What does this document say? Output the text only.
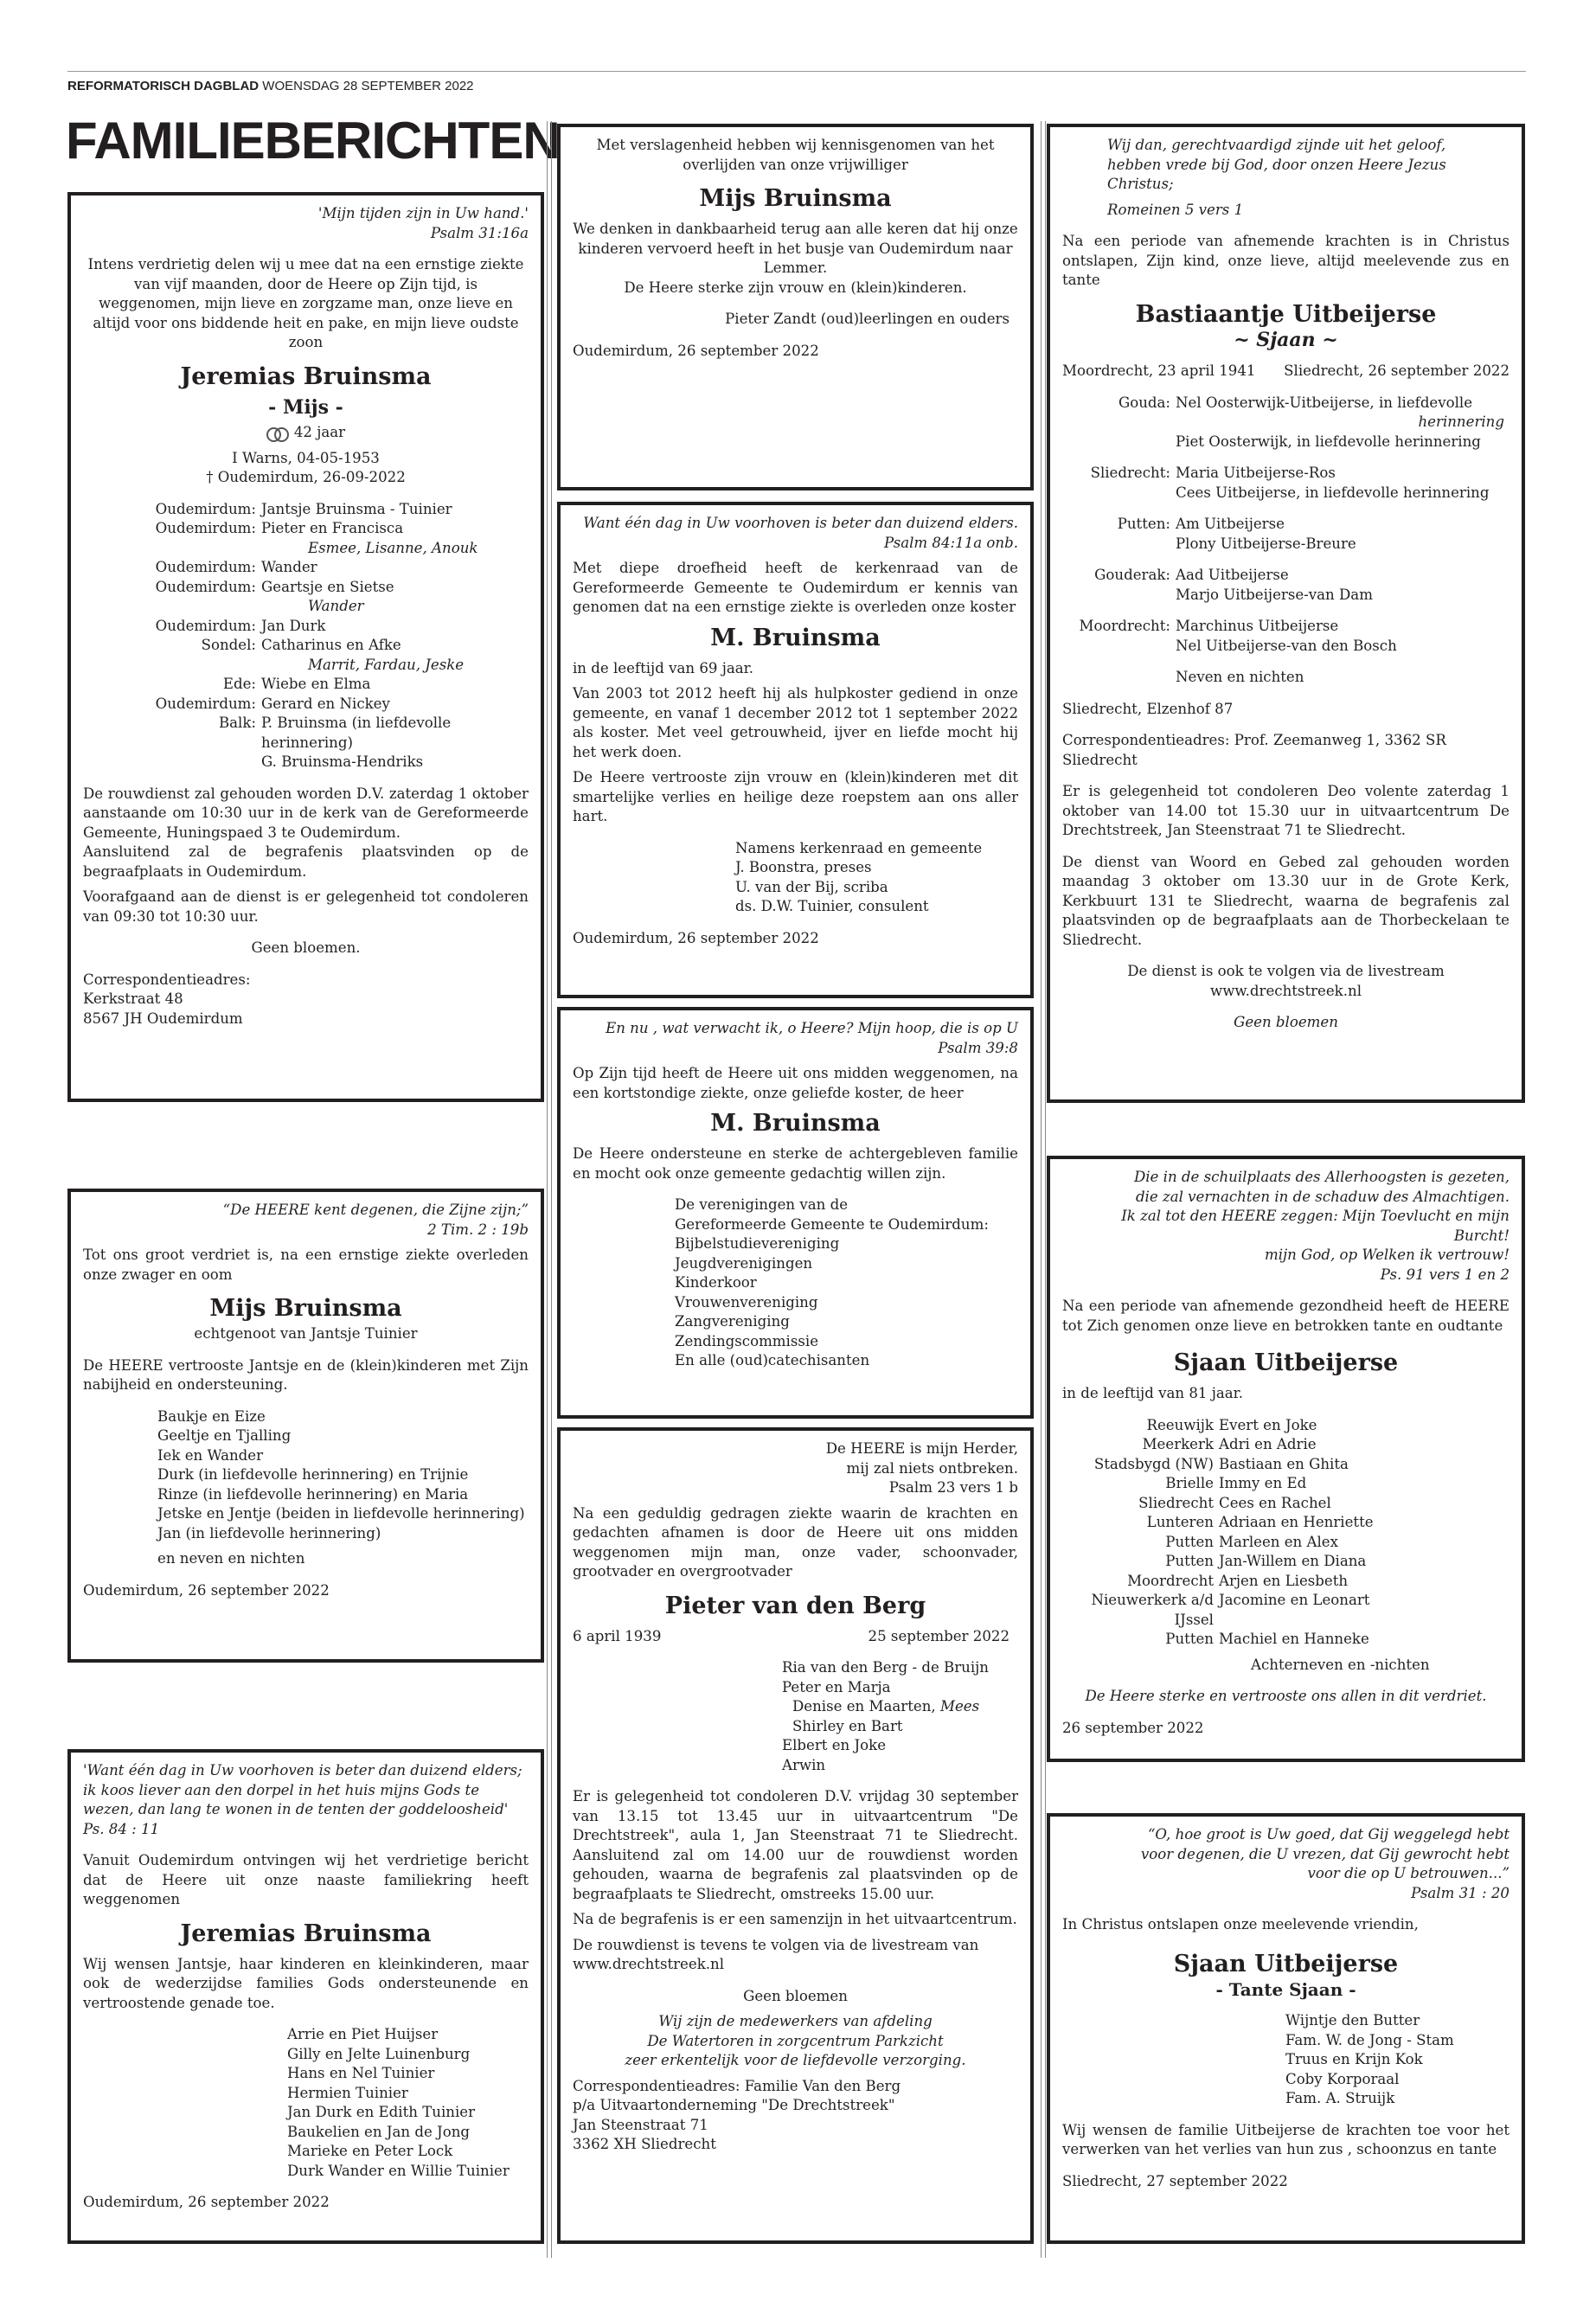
REFORMATORISCH DAGBLAD WOENSDAG 28 SEPTEMBER 2022
FAMILIEBERICHTEN
'Mijn tijden zijn in Uw hand.'
Psalm 31:16a
Intens verdrietig delen wij u mee dat na een ernstige ziekte van vijf maanden, door de Heere op Zijn tijd, is weggenomen, mijn lieve en zorgzame man, onze lieve en altijd voor ons biddende heit en pake, en mijn lieve oudste zoon
Jeremias Bruinsma
- Mijs -
42 jaar
I Warns, 04-05-1953
† Oudemirdum, 26-09-2022
Oudemirdum: Jantsje Bruinsma - Tuinier
Oudemirdum: Pieter en Francisca
Esmee, Lisanne, Anouk
Oudemirdum: Wander
Oudemirdum: Geartsje en Sietse
Wander
Oudemirdum: Jan Durk
Sondel: Catharinus en Afke
Marrit, Fardau, Jeske
Ede: Wiebe en Elma
Oudemirdum: Gerard en Nickey
Balk: P. Bruinsma (in liefdevolle herinnering)
G. Bruinsma-Hendriks
De rouwdienst zal gehouden worden D.V. zaterdag 1 oktober aanstaande om 10:30 uur in de kerk van de Gereformeerde Gemeente, Huningspaed 3 te Oudemirdum.
Aansluitend zal de begrafenis plaatsvinden op de begraafplaats in Oudemirdum.
Voorafgaand aan de dienst is er gelegenheid tot condoleren van 09:30 tot 10:30 uur.
Geen bloemen.
Correspondentieadres:
Kerkstraat 48
8567 JH Oudemirdum
“De HEERE kent degenen, die Zijne zijn;”
2 Tim. 2 : 19b
Tot ons groot verdriet is, na een ernstige ziekte overleden onze zwager en oom
Mijs Bruinsma
echtgenoot van Jantsje Tuinier
De HEERE vertrooste Jantsje en de (klein)kinderen met Zijn nabijheid en ondersteuning.
Baukje en Eize
Geeltje en Tjalling
Iek en Wander
Durk (in liefdevolle herinnering) en Trijnie
Rinze (in liefdevolle herinnering) en Maria
Jetske en Jentje (beiden in liefdevolle herinnering)
Jan (in liefdevolle herinnering)
en neven en nichten
Oudemirdum, 26 september 2022
'Want één dag in Uw voorhoven is beter dan duizend elders; ik koos liever aan den dorpel in het huis mijns Gods te wezen, dan lang te wonen in de tenten der goddeloosheid'
Ps. 84 : 11
Vanuit Oudemirdum ontvingen wij het verdrietige bericht dat de Heere uit onze naaste familiekring heeft weggenomen
Jeremias Bruinsma
Wij wensen Jantsje, haar kinderen en kleinkinderen, maar ook de wederzijdse families Gods ondersteunende en vertroostende genade toe.
Arrie en Piet Huijser
Gilly en Jelte Luinenburg
Hans en Nel Tuinier
Hermien Tuinier
Jan Durk en Edith Tuinier
Baukelien en Jan de Jong
Marieke en Peter Lock
Durk Wander en Willie Tuinier
Oudemirdum, 26 september 2022
Met verslagenheid hebben wij kennisgenomen van het overlijden van onze vrijwilliger
Mijs Bruinsma
We denken in dankbaarheid terug aan alle keren dat hij onze kinderen vervoerd heeft in het busje van Oudemirdum naar Lemmer.
De Heere sterke zijn vrouw en (klein)kinderen.
Pieter Zandt (oud)leerlingen en ouders
Oudemirdum, 26 september 2022
Want één dag in Uw voorhoven is beter dan duizend elders.
Psalm 84:11a onb.
Met diepe droefheid heeft de kerkenraad van de Gereformeerde Gemeente te Oudemirdum er kennis van genomen dat na een ernstige ziekte is overleden onze koster
M. Bruinsma
in de leeftijd van 69 jaar.
Van 2003 tot 2012 heeft hij als hulpkoster gediend in onze gemeente, en vanaf 1 december 2012 tot 1 september 2022 als koster. Met veel getrouwheid, ijver en liefde mocht hij het werk doen.
De Heere vertrooste zijn vrouw en (klein)kinderen met dit smartelijke verlies en heilige deze roepstem aan ons aller hart.
Namens kerkenraad en gemeente
J. Boonstra, preses
U. van der Bij, scriba
ds. D.W. Tuinier, consulent
Oudemirdum, 26 september 2022
En nu , wat verwacht ik, o Heere? Mijn hoop, die is op U
Psalm 39:8
Op Zijn tijd heeft de Heere uit ons midden weggenomen, na een kortstondige ziekte, onze geliefde koster, de heer
M. Bruinsma
De Heere ondersteune en sterke de achtergebleven familie en mocht ook onze gemeente gedachtig willen zijn.
De verenigingen van de
Gereformeerde Gemeente te Oudemirdum:
Bijbelstudievereniging
Jeugdverenigingen
Kinderkoor
Vrouwenvereniging
Zangvereniging
Zendingscommissie
En alle (oud)catechisanten
De HEERE is mijn Herder,
mij zal niets ontbreken.
Psalm 23 vers 1 b
Na een geduldig gedragen ziekte waarin de krachten en gedachten afnamen is door de Heere uit ons midden weggenomen mijn man, onze vader, schoonvader, grootvader en overgrootvader
Pieter van den Berg
6 april 1939	25 september 2022
Ria van den Berg - de Bruijn
Peter en Marja
Denise en Maarten, Mees
Shirley en Bart
Elbert en Joke
Arwin
Er is gelegenheid tot condoleren D.V. vrijdag 30 september van 13.15 tot 13.45 uur in uitvaartcentrum "De Drechtstreek", aula 1, Jan Steenstraat 71 te Sliedrecht. Aansluitend zal om 14.00 uur de rouwdienst worden gehouden, waarna de begrafenis zal plaatsvinden op de begraafplaats te Sliedrecht, omstreeks 15.00 uur.
Na de begrafenis is er een samenzijn in het uitvaartcentrum.
De rouwdienst is tevens te volgen via de livestream van www.drechtstreek.nl
Geen bloemen
Wij zijn de medewerkers van afdeling
De Watertoren in zorgcentrum Parkzicht
zeer erkentelijk voor de liefdevolle verzorging.
Correspondentieadres: Familie Van den Berg
p/a Uitvaartonderneming "De Drechtstreek"
Jan Steenstraat 71
3362 XH Sliedrecht
Wij dan, gerechtvaardigd zijnde uit het geloof,
hebben vrede bij God, door onzen Heere Jezus Christus;
Romeinen 5 vers 1
Na een periode van afnemende krachten is in Christus ontslapen, Zijn kind, onze lieve, altijd meelevende zus en tante
Bastiaantje Uitbeijerse
~ Sjaan ~
Moordrecht, 23 april 1941 Sliedrecht, 26 september 2022
Gouda: Nel Oosterwijk-Uitbeijerse, in liefdevolle
herinnering
Piet Oosterwijk, in liefdevolle herinnering
Sliedrecht: Maria Uitbeijerse-Ros
Cees Uitbeijerse, in liefdevolle herinnering
Putten: Am Uitbeijerse
Plony Uitbeijerse-Breure
Gouderak: Aad Uitbeijerse
Marjo Uitbeijerse-van Dam
Moordrecht: Marchinus Uitbeijerse
Nel Uitbeijerse-van den Bosch
Neven en nichten
Sliedrecht, Elzenhof 87
Correspondentieadres: Prof. Zeemanweg 1, 3362 SR Sliedrecht
Er is gelegenheid tot condoleren Deo volente zaterdag 1 oktober van 14.00 tot 15.30 uur in uitvaartcentrum De Drechtstreek, Jan Steenstraat 71 te Sliedrecht.
De dienst van Woord en Gebed zal gehouden worden maandag 3 oktober om 13.30 uur in de Grote Kerk, Kerkbuurt 131 te Sliedrecht, waarna de begrafenis zal plaatsvinden op de begraafplaats aan de Thorbeckelaan te Sliedrecht.
De dienst is ook te volgen via de livestream
www.drechtstreek.nl
Geen bloemen
Die in de schuilplaats des Allerhoogsten is gezeten,
die zal vernachten in de schaduw des Almachtigen.
Ik zal tot den HEERE zeggen: Mijn Toevlucht en mijn Burcht!
mijn God, op Welken ik vertrouw!
Ps. 91 vers 1 en 2
Na een periode van afnemende gezondheid heeft de HEERE tot Zich genomen onze lieve en betrokken tante en oudtante
Sjaan Uitbeijerse
in de leeftijd van 81 jaar.
Reeuwijk Evert en Joke
Meerkerk Adri en Adrie
Stadsbygd (NW) Bastiaan en Ghita
Brielle Immy en Ed
Sliedrecht Cees en Rachel
Lunteren Adriaan en Henriette
Putten Marleen en Alex
Putten Jan-Willem en Diana
Moordrecht Arjen en Liesbeth
Nieuwerkerk a/d IJssel
Jacomine en Leonart
Putten Machiel en Hanneke
Achterneven en -nichten
De Heere sterke en vertrooste ons allen in dit verdriet.
26 september 2022
“O, hoe groot is Uw goed, dat Gij weggelegd hebt voor degenen, die U vrezen, dat Gij gewrocht hebt voor die op U betrouwen...”
Psalm 31 : 20
In Christus ontslapen onze meelevende vriendin,
Sjaan Uitbeijerse
- Tante Sjaan -
Wijntje den Butter
Fam. W. de Jong - Stam
Truus en Krijn Kok
Coby Korporaal
Fam. A. Struijk
Wij wensen de familie Uitbeijerse de krachten toe voor het verwerken van het verlies van hun zus , schoonzus en tante
Sliedrecht, 27 september 2022
